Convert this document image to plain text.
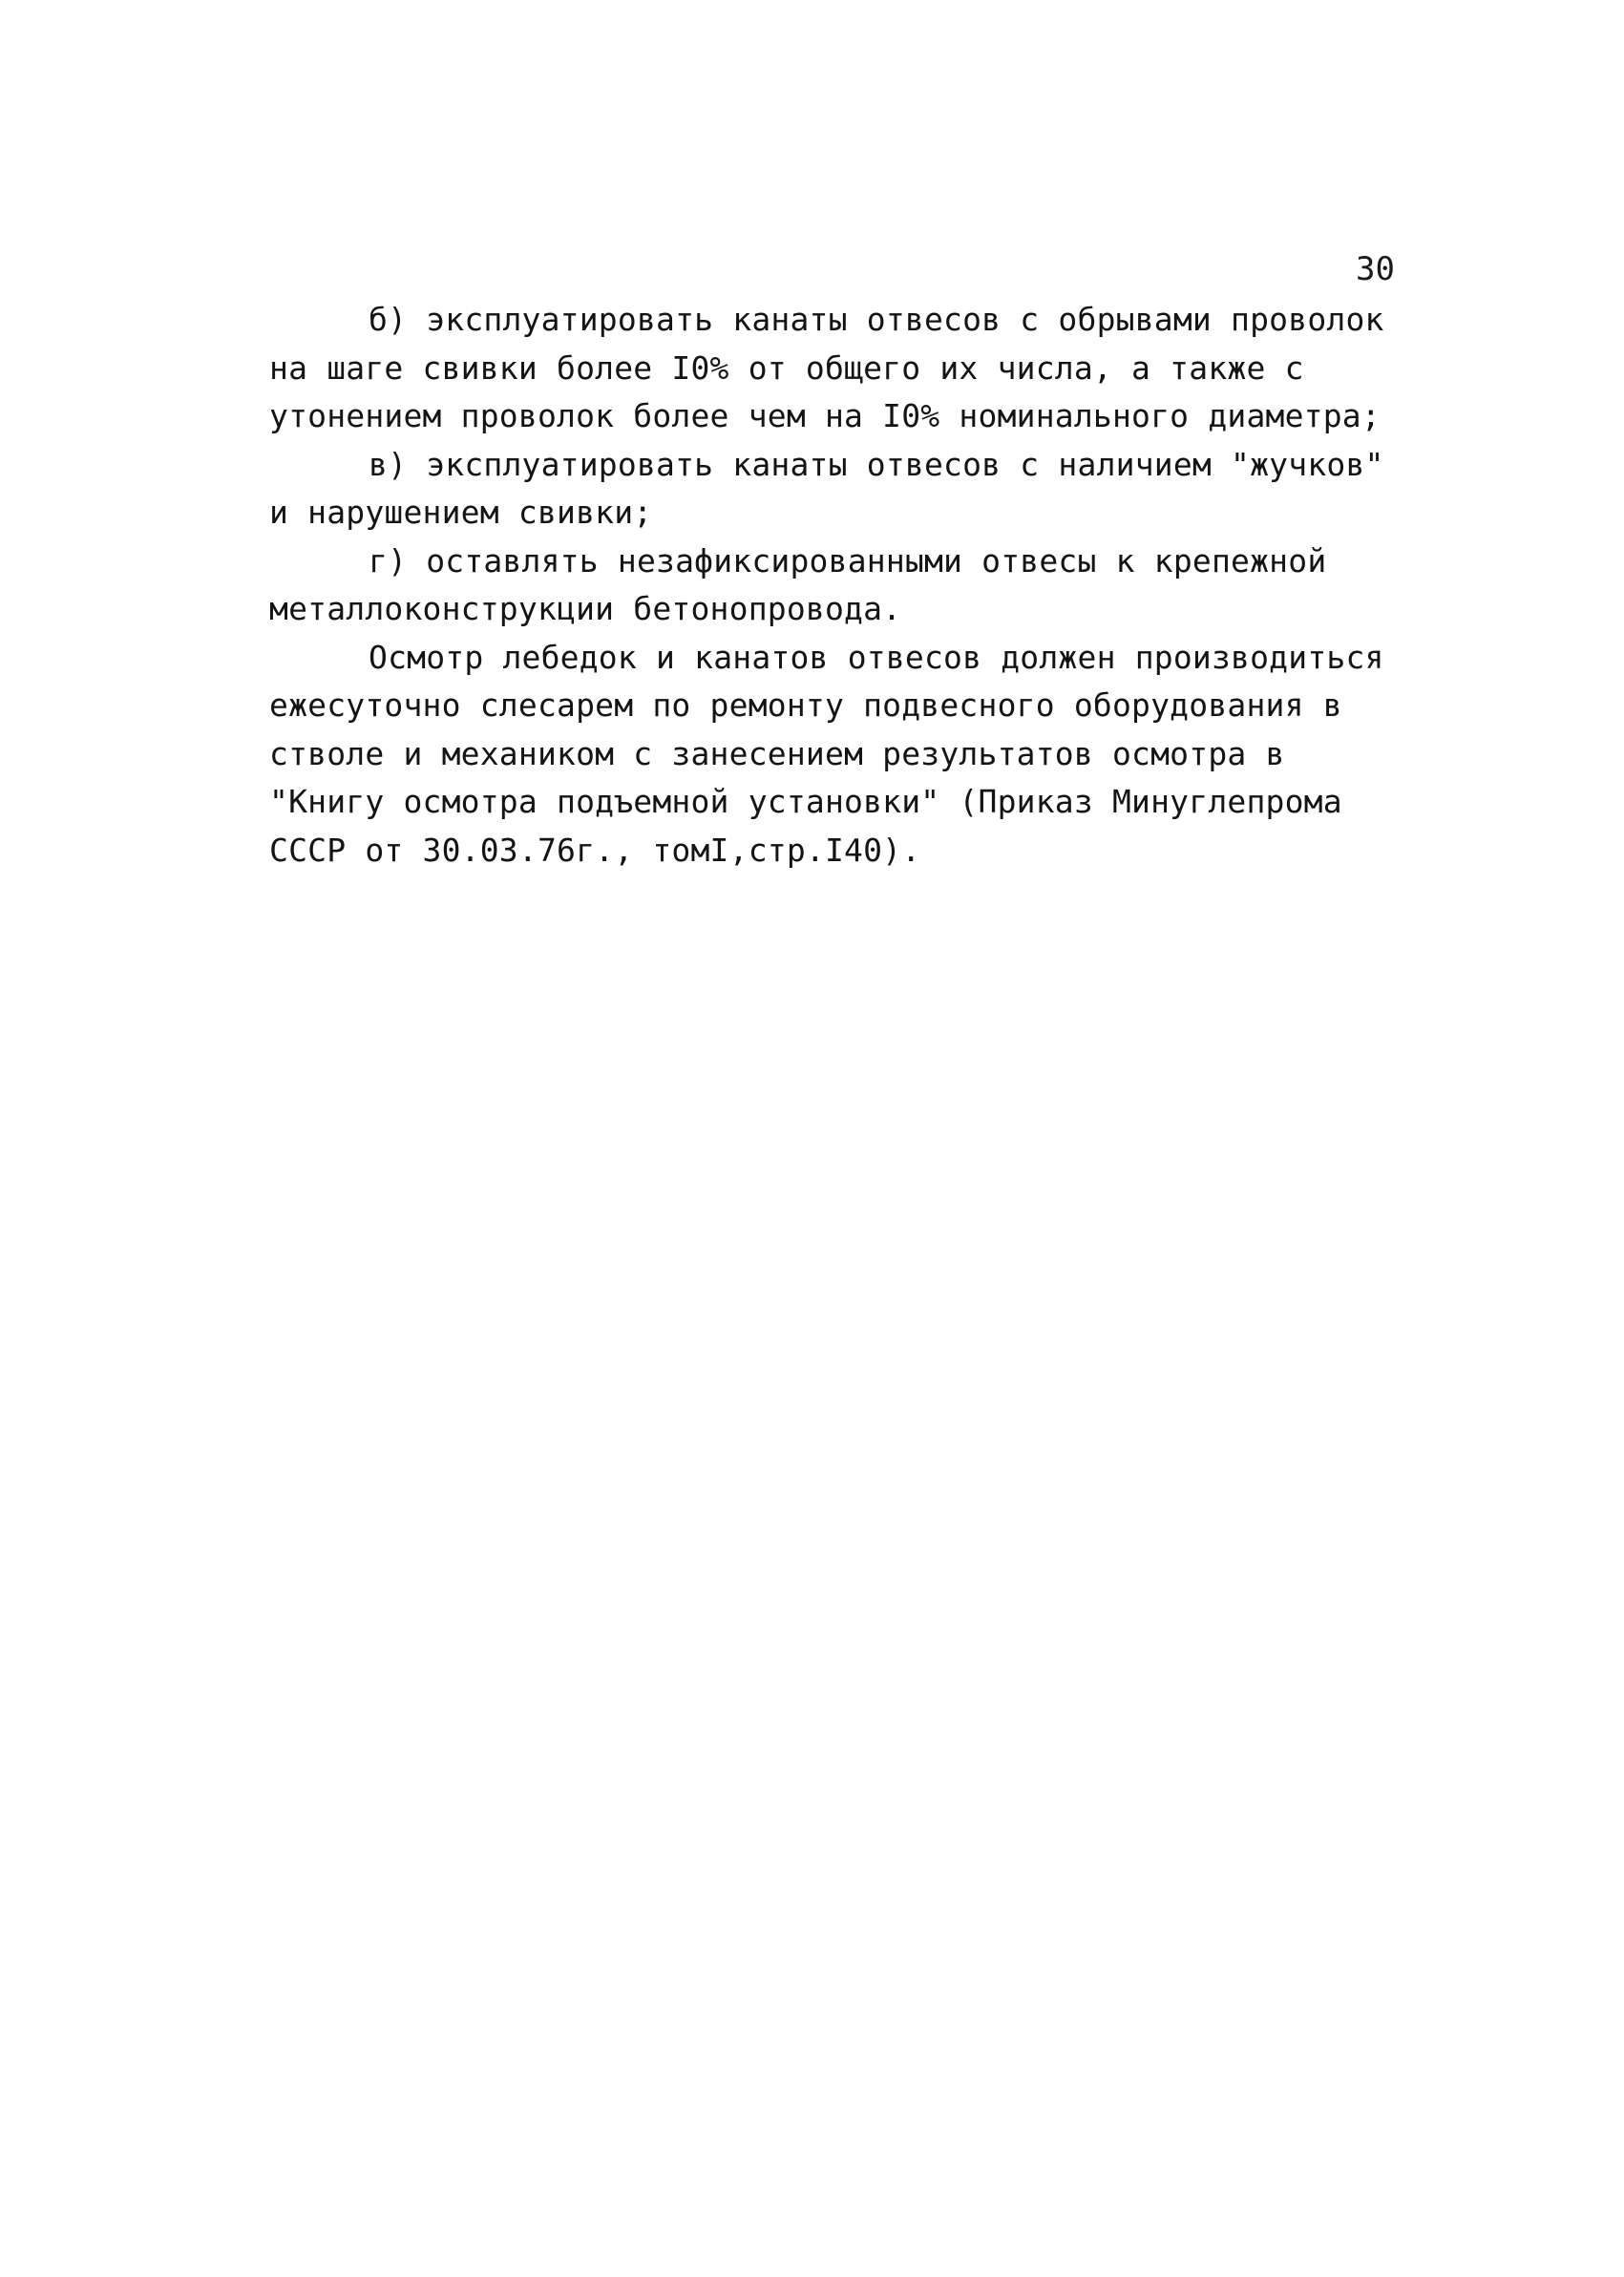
30
б) эксплуатировать канаты отвесов с обрывами проволок
на шаге свивки более I0% от общего их числа, а также с
утонением проволок более чем на I0% номинального диаметра;
в) эксплуатировать канаты отвесов с наличием "жучков"
и нарушением свивки;
г) оставлять незафиксированными отвесы к крепежной
металлоконструкции бетонопровода.
Осмотр лебедок и канатов отвесов должен производиться
ежесуточно слесарем по ремонту подвесного оборудования в
стволе и механиком с занесением результатов осмотра в
"Книгу осмотра подъемной установки" (Приказ Минуглепрома
СССР от 30.03.76г., томI,стр.I40).
